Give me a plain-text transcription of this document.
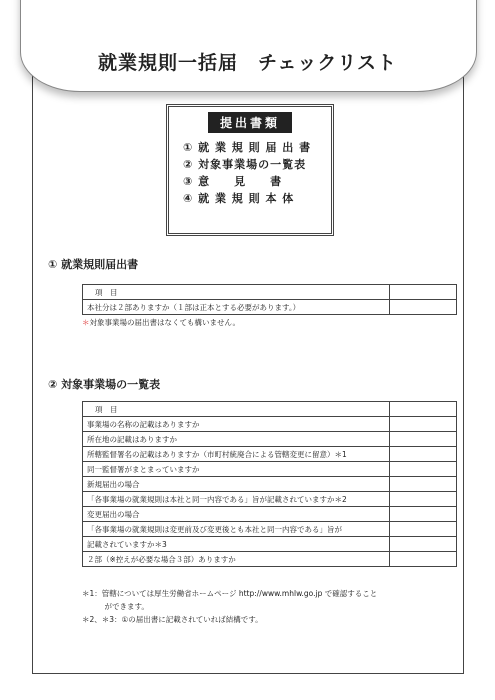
就業規則一括届　チェックリスト
提出書類
① 就 業 規 則 届 出 書
② 対象事業場の一覧表
③ 意　　見　　書
④ 就 業 規 則 本 体
① 就業規則届出書
項　目	
本社分は２部ありますか（１部は正本とする必要があります。）	
＊対象事業場の届出書はなくても構いません。
② 対象事業場の一覧表
項　目	
事業場の名称の記載はありますか	
所在地の記載はありますか	
所轄監督署名の記載はありますか（市町村統廃合による管轄変更に留意）＊1	
同一監督署がまとまっていますか	
新規届出の場合	
「各事業場の就業規則は本社と同一内容である」旨が記載されていますか＊2	
変更届出の場合	
「各事業場の就業規則は変更前及び変更後とも本社と同一内容である」旨が	
記載されていますか＊3	
２部（※控えが必要な場合３部）ありますか	
＊1：管轄については厚生労働省ホームページ http://www.mhlw.go.jp で確認すること
　　　ができます。
＊2、＊3：①の届出書に記載されていれば結構です。
